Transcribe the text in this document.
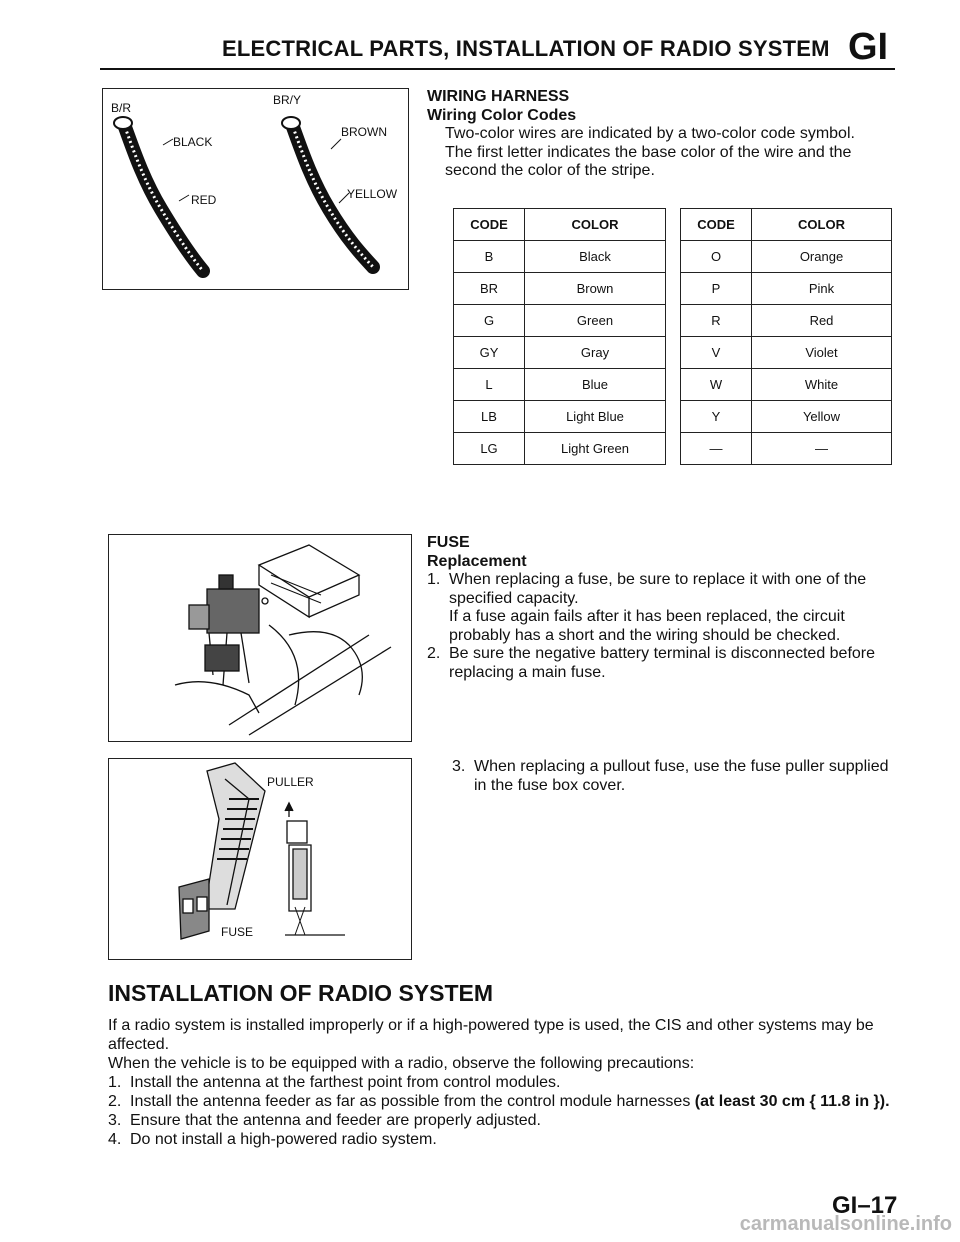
ELECTRICAL PARTS, INSTALLATION OF RADIO SYSTEM GI
B/R
BLACK
RED
BR/Y
BROWN
YELLOW
WIRING HARNESS
Wiring Color Codes
Two-color wires are indicated by a two-color code symbol.
The first letter indicates the base color of the wire and the second the color of the stripe.
CODE	COLOR		CODE	COLOR
B	Black		O	Orange
BR	Brown		P	Pink
G	Green		R	Red
GY	Gray		V	Violet
L	Blue		W	White
LB	Light Blue		Y	Yellow
LG	Light Green		—	—
FUSE
Replacement
1. When replacing a fuse, be sure to replace it with one of the specified capacity.
If a fuse again fails after it has been replaced, the circuit probably has a short and the wiring should be checked.
2. Be sure the negative battery terminal is disconnected before replacing a main fuse.
PULLER
FUSE
3. When replacing a pullout fuse, use the fuse puller supplied in the fuse box cover.
INSTALLATION OF RADIO SYSTEM
If a radio system is installed improperly or if a high-powered type is used, the CIS and other systems may be affected.
When the vehicle is to be equipped with a radio, observe the following precautions:
1. Install the antenna at the farthest point from control modules.
2. Install the antenna feeder as far as possible from the control module harnesses (at least 30 cm { 11.8 in }).
3. Ensure that the antenna and feeder are properly adjusted.
4. Do not install a high-powered radio system.
GI–17
carmanualsonline.info
